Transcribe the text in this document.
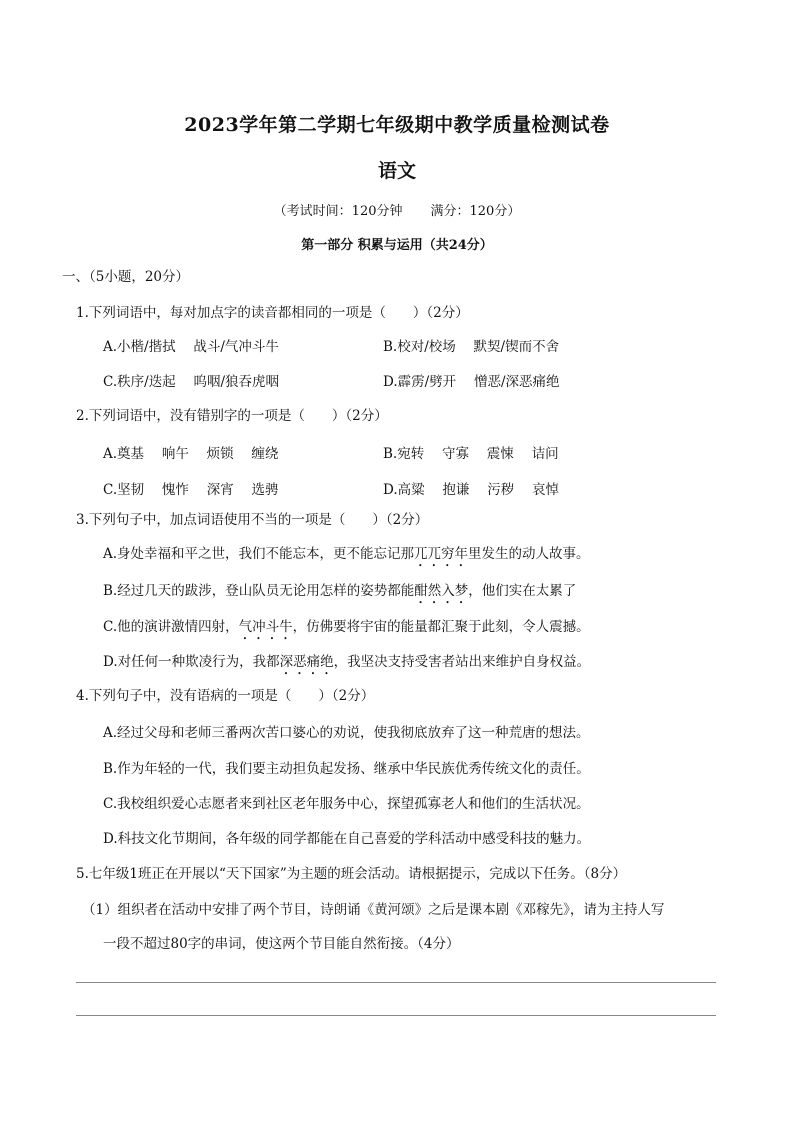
2023学年第二学期七年级期中教学质量检测试卷
语文
（考试时间：120分钟 满分：120分）
第一部分 积累与运用（共24分）
一、（5小题，20分）
1.下列词语中，每对加点字的读音都相同的一项是（　　）（2分）
A.小楷/揩拭　 战斗/气冲斗牛	B.校对/校场　 默契/锲而不舍
C.秩序/迭起　 呜咽/狼吞虎咽	D.霹雳/劈开　 憎恶/深恶痛绝
2.下列词语中，没有错别字的一项是（　　）（2分）
A.奠基　 响午　 烦锁　 缠绕	B.宛转　 守寡　 震悚　 诘问
C.坚韧　 愧怍　 深宵　 选骋	D.高粱　 抱谦　 污秽　 哀悼
3.下列句子中，加点词语使用不当的一项是（　　）（2分）
A.身处幸福和平之世，我们不能忘本，更不能忘记那兀兀穷年里发生的动人故事。
B.经过几天的跋涉，登山队员无论用怎样的姿势都能酣然入梦，他们实在太累了
C.他的演讲激情四射，气冲斗牛，仿佛要将宇宙的能量都汇聚于此刻，令人震撼。
D.对任何一种欺凌行为，我都深恶痛绝，我坚决支持受害者站出来维护自身权益。
4.下列句子中，没有语病的一项是（　　）（2分）
A.经过父母和老师三番两次苦口婆心的劝说，使我彻底放弃了这一种荒唐的想法。
B.作为年轻的一代，我们要主动担负起发扬、继承中华民族优秀传统文化的责任。
C.我校组织爱心志愿者来到社区老年服务中心，探望孤寡老人和他们的生活状况。
D.科技文化节期间，各年级的同学都能在自己喜爱的学科活动中感受科技的魅力。
5.七年级1班正在开展以“天下国家”为主题的班会活动。请根据提示，完成以下任务。（8分）
（1）组织者在活动中安排了两个节目，诗朗诵《黄河颂》之后是课本剧《邓稼先》，请为主持人写
一段不超过80字的串词，使这两个节目能自然衔接。（4分）
